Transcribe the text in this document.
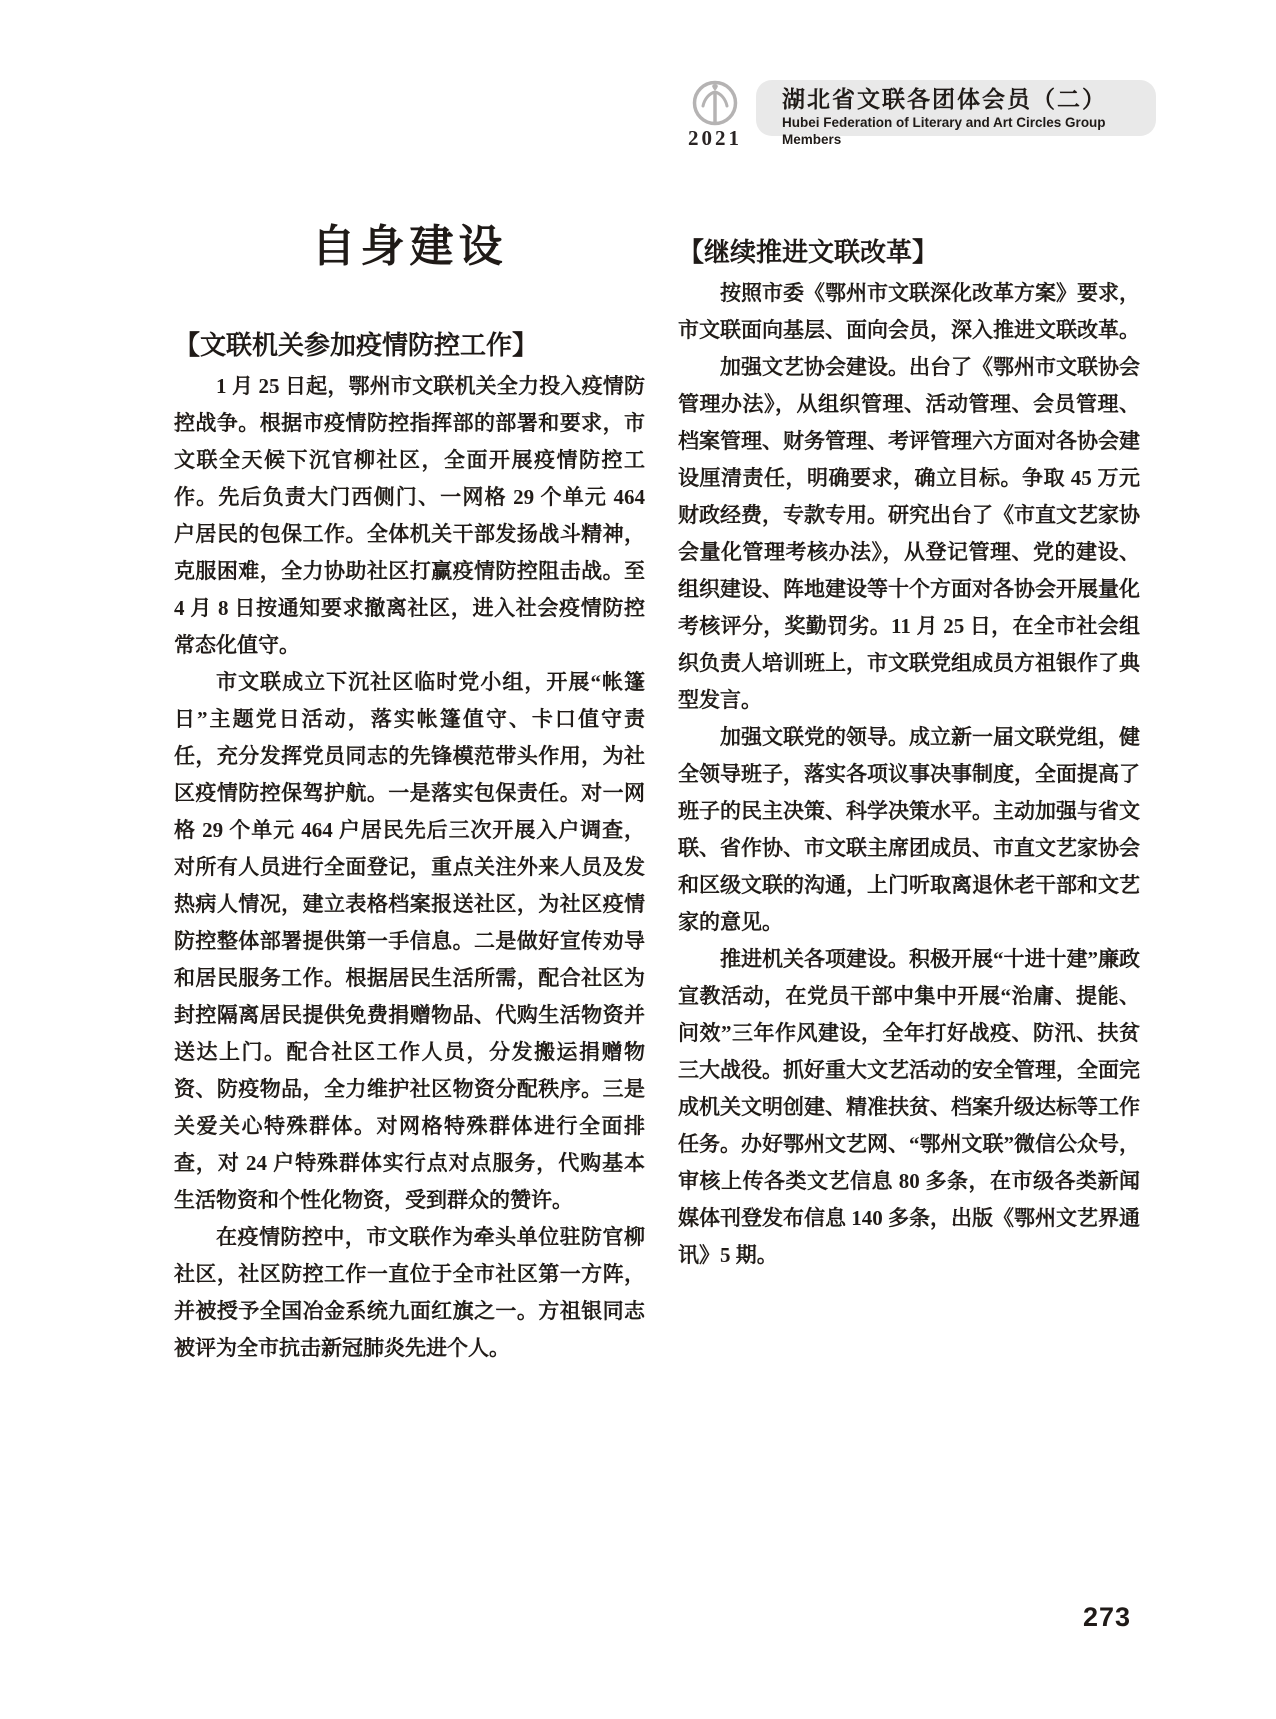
2021
湖北省文联各团体会员（二）
Hubei Federation of Literary and Art Circles Group Members
自身建设
【文联机关参加疫情防控工作】

1 月 25 日起，鄂州市文联机关全力投入疫情防控战争。根据市疫情防控指挥部的部署和要求，市文联全天候下沉官柳社区，全面开展疫情防控工作。先后负责大门西侧门、一网格 29 个单元 464 户居民的包保工作。全体机关干部发扬战斗精神，克服困难，全力协助社区打赢疫情防控阻击战。至 4 月 8 日按通知要求撤离社区，进入社会疫情防控常态化值守。

市文联成立下沉社区临时党小组，开展“帐篷日”主题党日活动，落实帐篷值守、卡口值守责任，充分发挥党员同志的先锋模范带头作用，为社区疫情防控保驾护航。一是落实包保责任。对一网格 29 个单元 464 户居民先后三次开展入户调查，对所有人员进行全面登记，重点关注外来人员及发热病人情况，建立表格档案报送社区，为社区疫情防控整体部署提供第一手信息。二是做好宣传劝导和居民服务工作。根据居民生活所需，配合社区为封控隔离居民提供免费捐赠物品、代购生活物资并送达上门。配合社区工作人员，分发搬运捐赠物资、防疫物品，全力维护社区物资分配秩序。三是关爱关心特殊群体。对网格特殊群体进行全面排查，对 24 户特殊群体实行点对点服务，代购基本生活物资和个性化物资，受到群众的赞许。

在疫情防控中，市文联作为牵头单位驻防官柳社区，社区防控工作一直位于全市社区第一方阵，并被授予全国冶金系统九面红旗之一。方祖银同志被评为全市抗击新冠肺炎先进个人。

【继续推进文联改革】

按照市委《鄂州市文联深化改革方案》要求，市文联面向基层、面向会员，深入推进文联改革。

加强文艺协会建设。出台了《鄂州市文联协会管理办法》，从组织管理、活动管理、会员管理、档案管理、财务管理、考评管理六方面对各协会建设厘清责任，明确要求，确立目标。争取 45 万元财政经费，专款专用。研究出台了《市直文艺家协会量化管理考核办法》，从登记管理、党的建设、组织建设、阵地建设等十个方面对各协会开展量化考核评分，奖勤罚劣。11 月 25 日，在全市社会组织负责人培训班上，市文联党组成员方祖银作了典型发言。

加强文联党的领导。成立新一届文联党组，健全领导班子，落实各项议事决事制度，全面提高了班子的民主决策、科学决策水平。主动加强与省文联、省作协、市文联主席团成员、市直文艺家协会和区级文联的沟通，上门听取离退休老干部和文艺家的意见。

推进机关各项建设。积极开展“十进十建”廉政宣教活动，在党员干部中集中开展“治庸、提能、问效”三年作风建设，全年打好战疫、防汛、扶贫三大战役。抓好重大文艺活动的安全管理，全面完成机关文明创建、精准扶贫、档案升级达标等工作任务。办好鄂州文艺网、“鄂州文联”微信公众号，审核上传各类文艺信息 80 多条，在市级各类新闻媒体刊登发布信息 140 多条，出版《鄂州文艺界通讯》5 期。

273
